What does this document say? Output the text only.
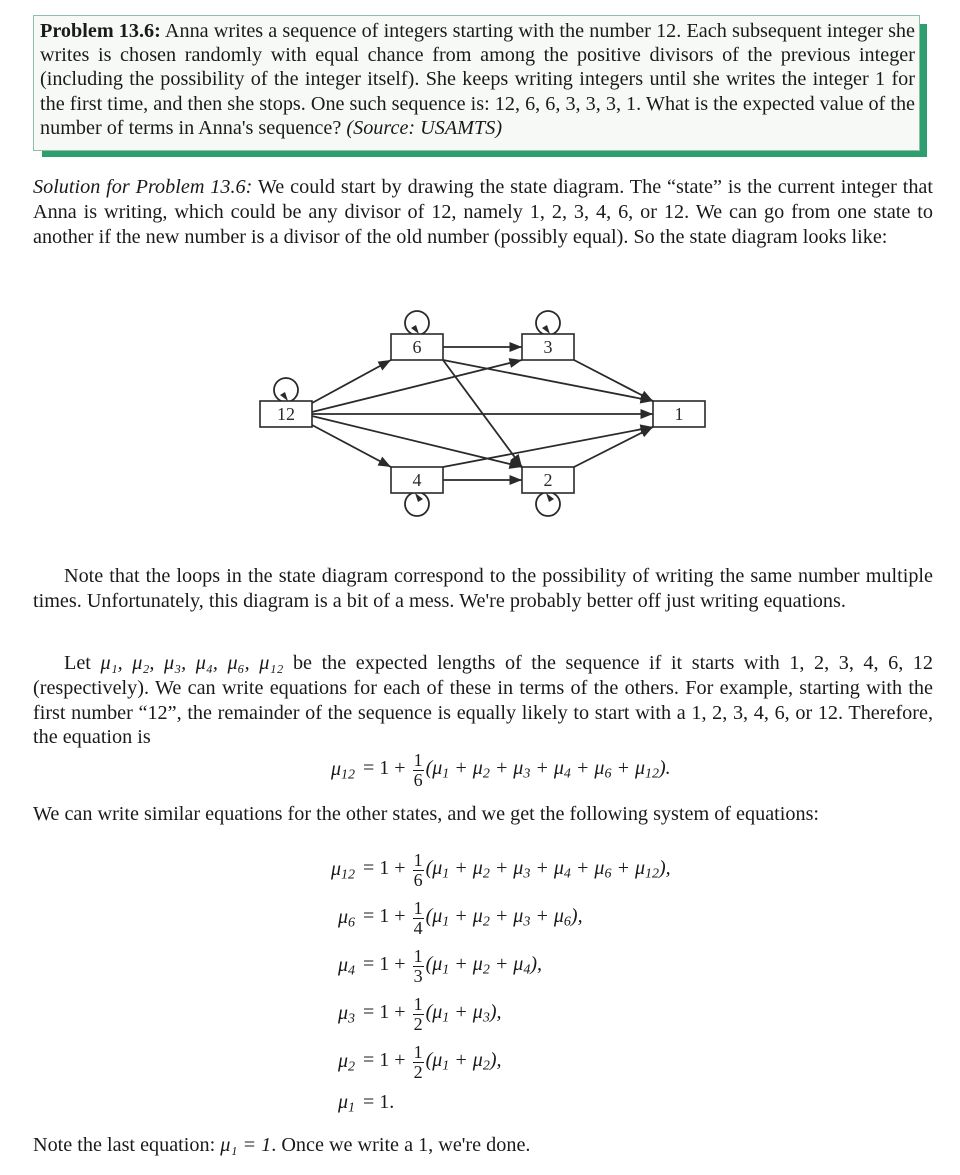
Problem 13.6: Anna writes a sequence of integers starting with the number 12. Each subsequent integer she writes is chosen randomly with equal chance from among the positive divisors of the previous integer (including the possibility of the integer itself). She keeps writing integers until she writes the integer 1 for the first time, and then she stops. One such sequence is: 12, 6, 6, 3, 3, 3, 1. What is the expected value of the number of terms in Anna's sequence? (Source: USAMTS)
Solution for Problem 13.6: We could start by drawing the state diagram. The “state” is the current integer that Anna is writing, which could be any divisor of 12, namely 1, 2, 3, 4, 6, or 12. We can go from one state to another if the new number is a divisor of the old number (possibly equal). So the state diagram looks like:
12
6
4
3
2
1
Note that the loops in the state diagram correspond to the possibility of writing the same number multiple times. Unfortunately, this diagram is a bit of a mess. We're probably better off just writing equations.
Let μ₁, μ₂, μ₃, μ₄, μ₆, μ₁₂ be the expected lengths of the sequence if it starts with 1, 2, 3, 4, 6, 12 (respectively). We can write equations for each of these in terms of the others. For example, starting with the first number “12”, the remainder of the sequence is equally likely to start with a 1, 2, 3, 4, 6, or 12. Therefore, the equation is
$\mu_{12} = 1 + \frac{1}{6} (\mu_1 + \mu_2 + \mu_3 + \mu_4 + \mu_6 + \mu_{12})$.
We can write similar equations for the other states, and we get the following system of equations:
$\mu_{12} = 1 + \frac{1}{6} (\mu_1 + \mu_2 + \mu_3 + \mu_4 + \mu_6 + \mu_{12})$,
$\mu_6 = 1 + \frac{1}{4} (\mu_1 + \mu_2 + \mu_3 + \mu_6)$,
$\mu_4 = 1 + \frac{1}{3} (\mu_1 + \mu_2 + \mu_4)$,
$\mu_3 = 1 + \frac{1}{2} (\mu_1 + \mu_3)$,
$\mu_2 = 1 + \frac{1}{2} (\mu_1 + \mu_2)$,
$\mu_1 = 1$.
Note the last equation: μ₁ = 1. Once we write a 1, we're done.
